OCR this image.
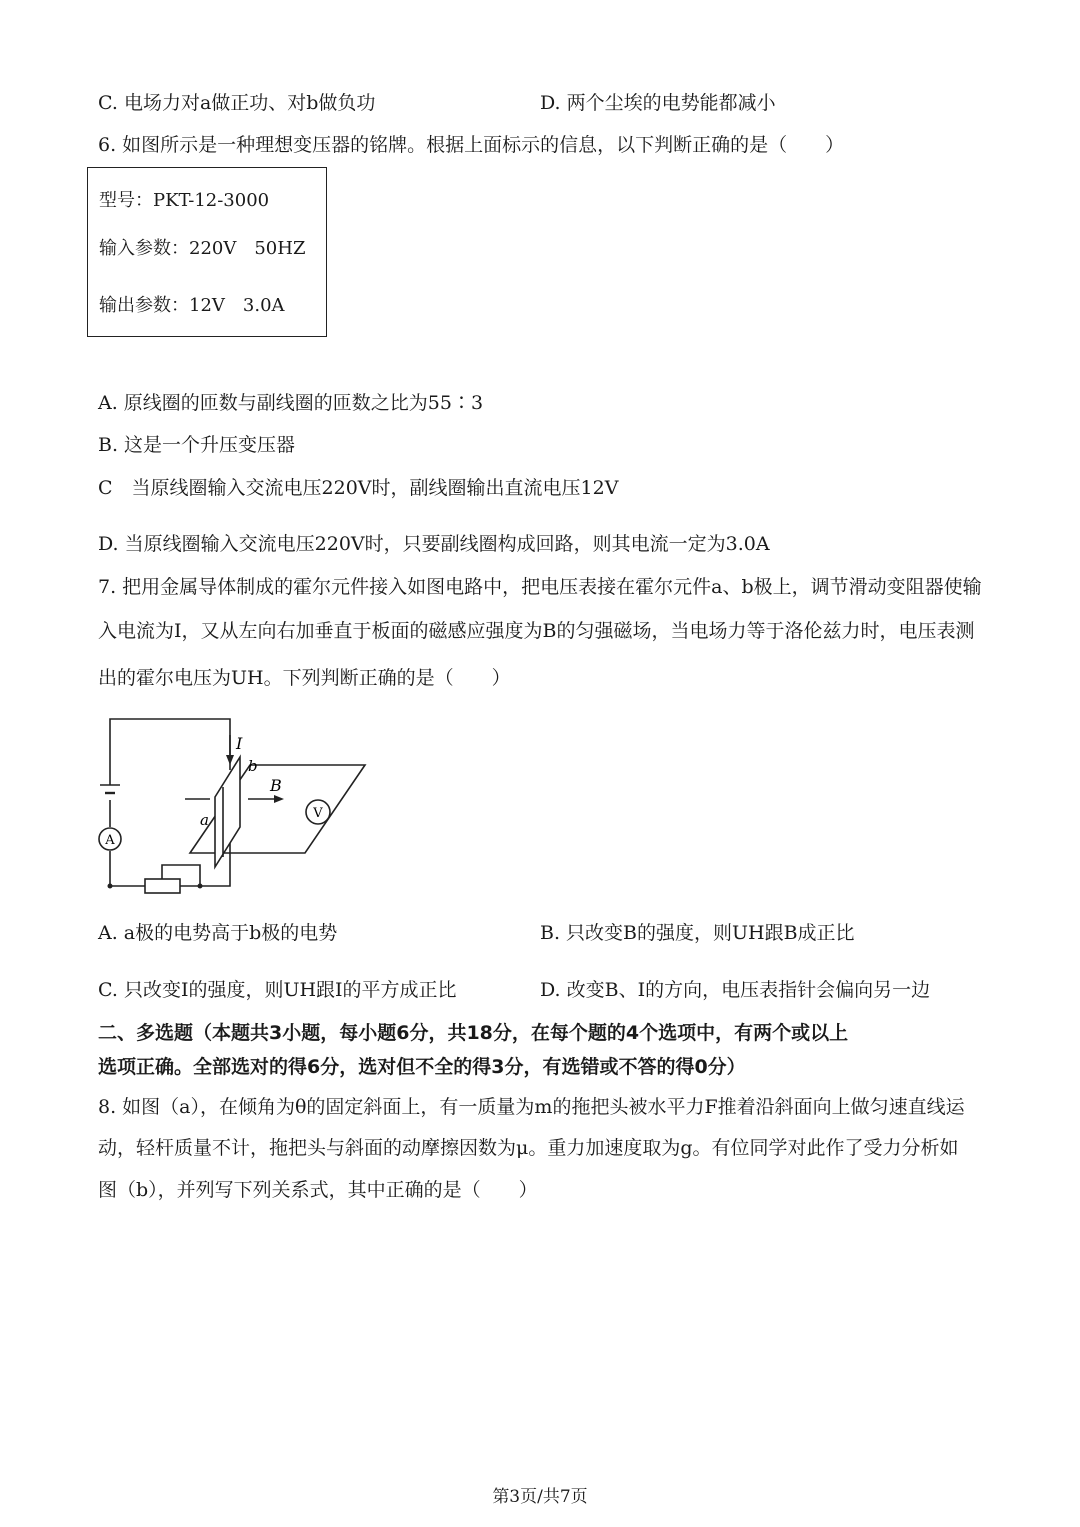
C. 电场力对a做正功、对b做负功	D. 两个尘埃的电势能都减小
6. 如图所示是一种理想变压器的铭牌。根据上面标示的信息，以下判断正确的是（　　）
型号：PKT-12-3000
输入参数：220V　50HZ
输出参数：12V　3.0A
A. 原线圈的匝数与副线圈的匝数之比为55∶3
B. 这是一个升压变压器
C　当原线圈输入交流电压220V时，副线圈输出直流电压12V
D. 当原线圈输入交流电压220V时，只要副线圈构成回路，则其电流一定为3.0A
7. 把用金属导体制成的霍尔元件接入如图电路中，把电压表接在霍尔元件a、b极上，调节滑动变阻器使输
入电流为I，又从左向右加垂直于板面的磁感应强度为B的匀强磁场，当电场力等于洛伦兹力时，电压表测
出的霍尔电压为UH。下列判断正确的是（　　）
A
V
I
B
a
b
A. a极的电势高于b极的电势	B. 只改变B的强度，则UH跟B成正比
C. 只改变I的强度，则UH跟I的平方成正比	D. 改变B、I的方向，电压表指针会偏向另一边
二、多选题（本题共3小题，每小题6分，共18分，在每个题的4个选项中，有两个或以上
选项正确。全部选对的得6分，选对但不全的得3分，有选错或不答的得0分）
8. 如图（a），在倾角为θ的固定斜面上，有一质量为m的拖把头被水平力F推着沿斜面向上做匀速直线运
动，轻杆质量不计，拖把头与斜面的动摩擦因数为μ。重力加速度取为g。有位同学对此作了受力分析如
图（b），并列写下列关系式，其中正确的是（　　）
第3页/共7页
